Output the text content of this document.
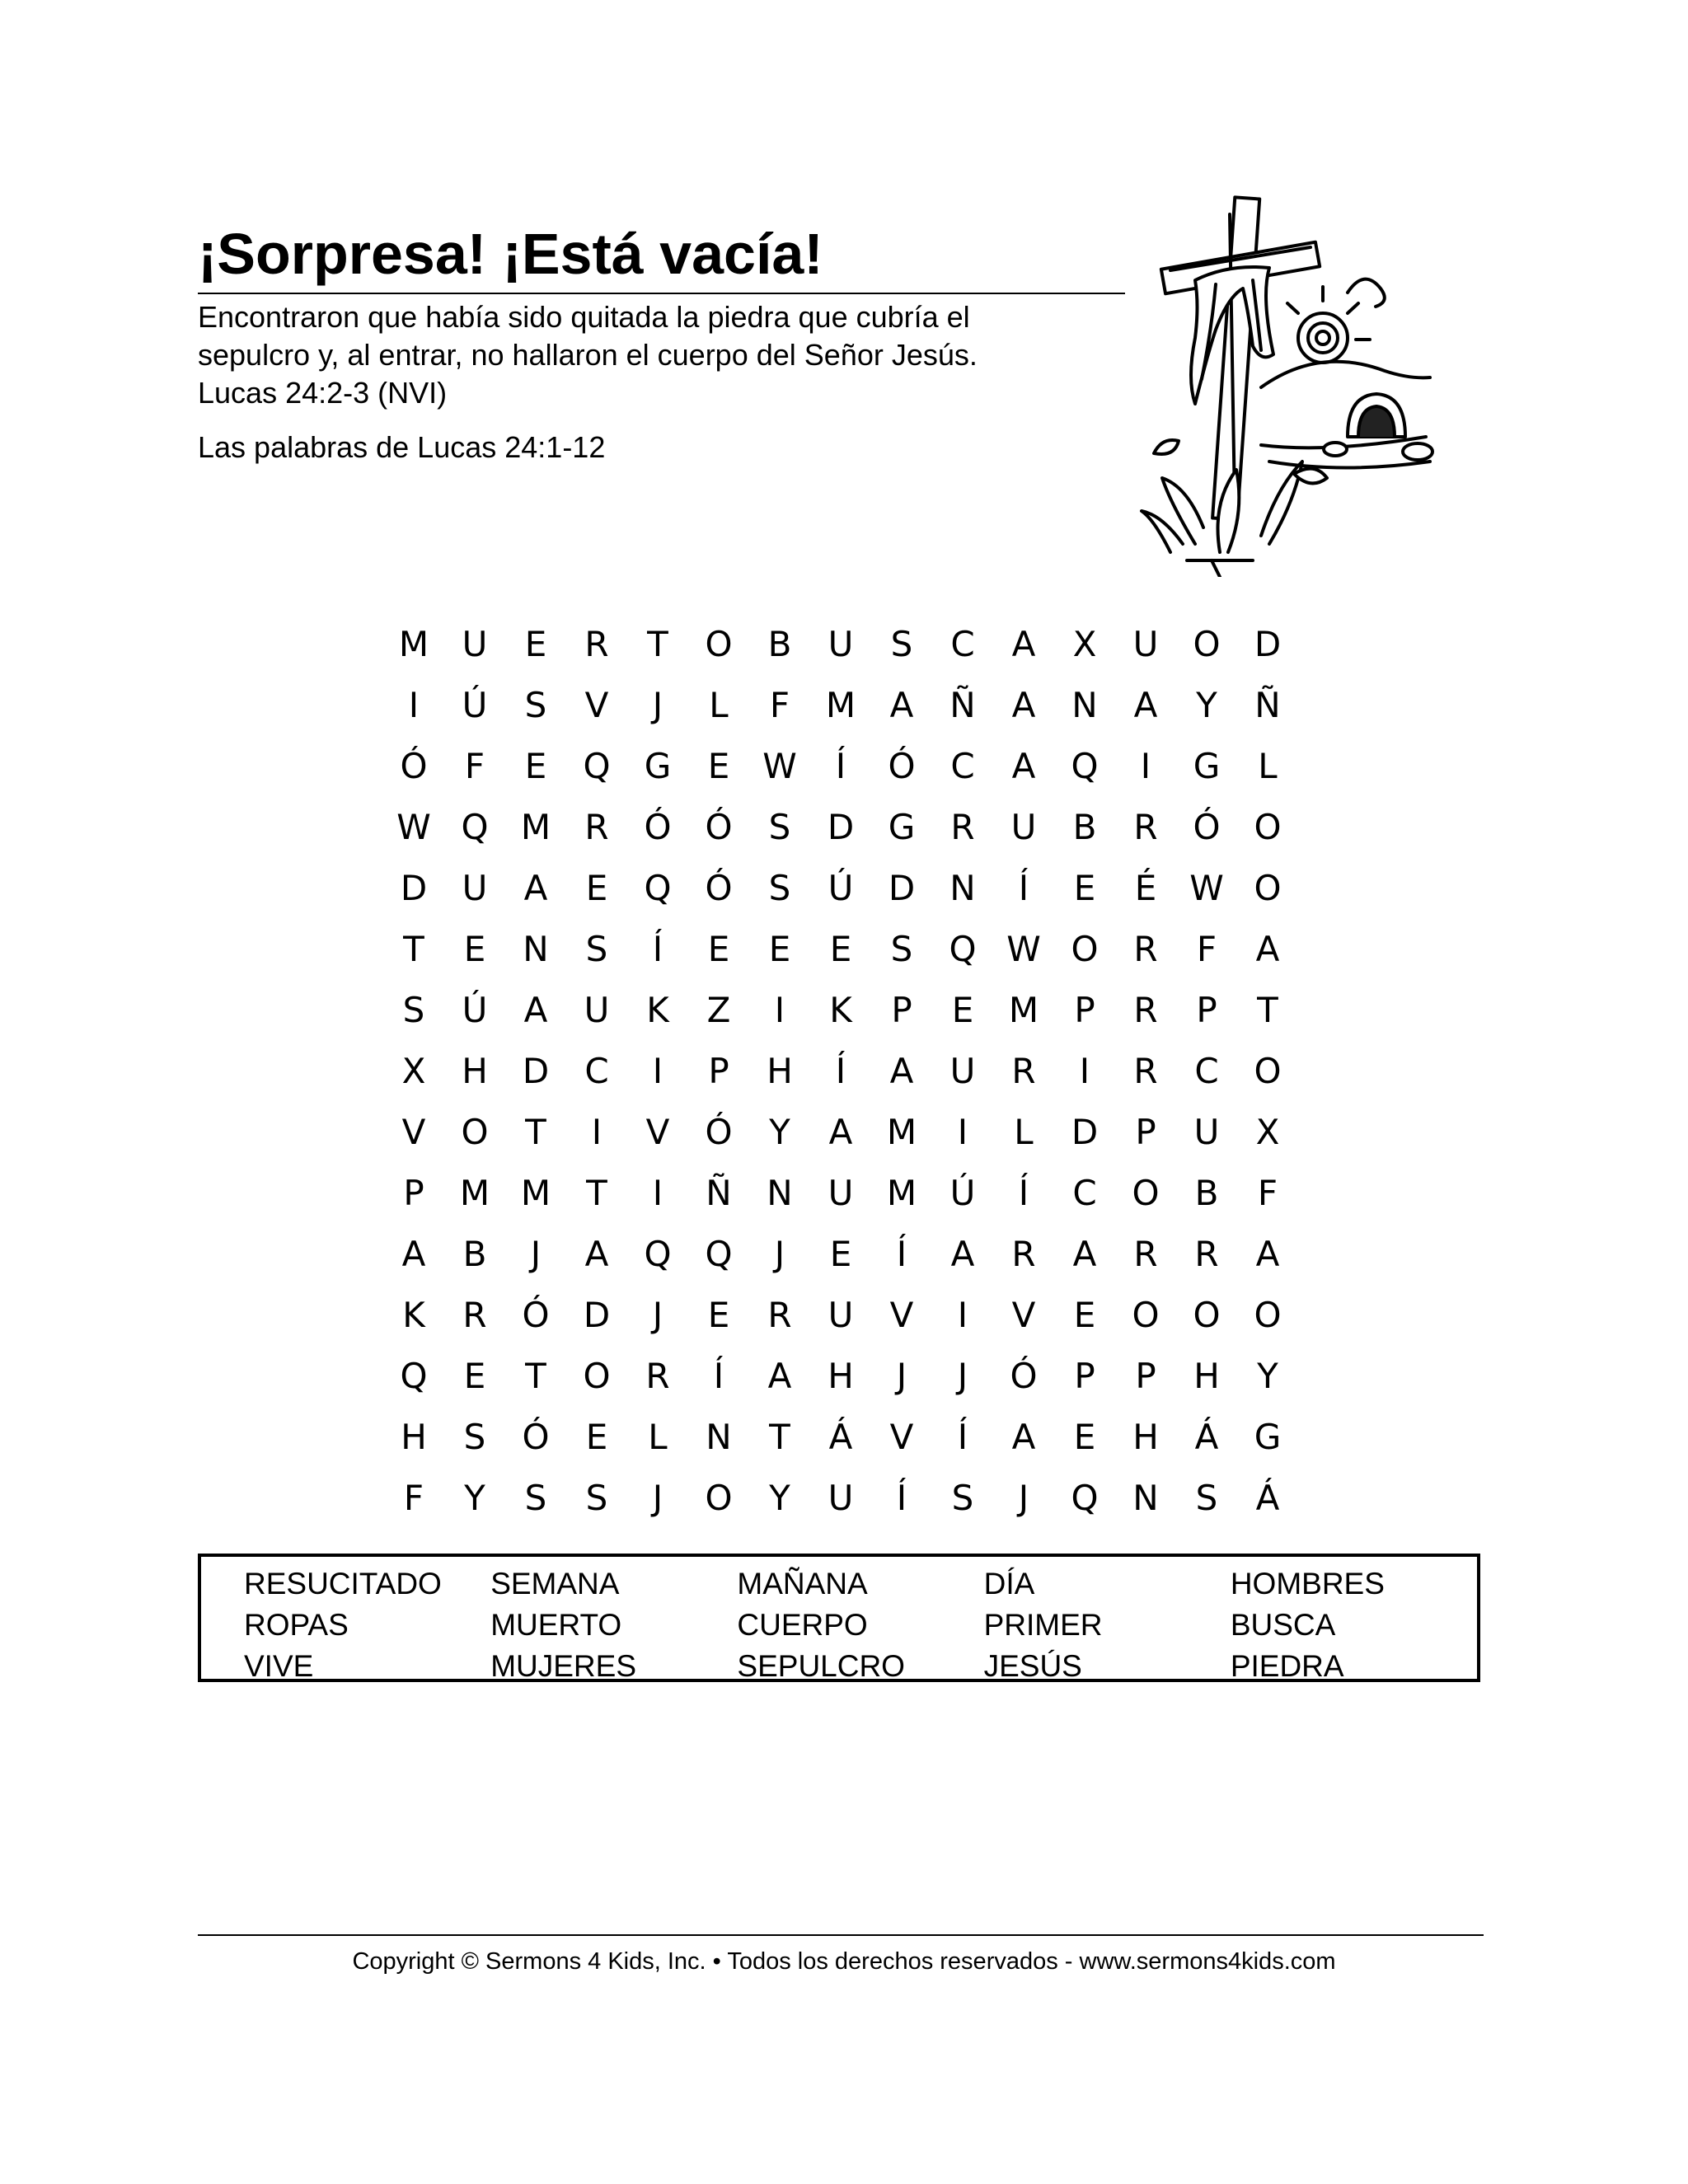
¡Sorpresa! ¡Está vacía!
Encontraron que había sido quitada la piedra que cubría el
sepulcro y, al entrar, no hallaron el cuerpo del Señor Jesús.
Lucas 24:2-3 (NVI)
Las palabras de Lucas 24:1-12
M U	E	R	T	O	B	U	S	C	A	X	U	O D
I	Ú	S	V	J	L	F	M A	Ñ	A	N	A	Y	Ñ
Ó	F	E	Q G	E W	Í	Ó	C	A	Q	I	G	L
W Q M R	Ó Ó	S	D G	R	U	B	R	Ó O
D	U	A	E	Q Ó	S	Ú	D	N	Í	E	É W O
T	E	N	S	Í	E	E	E	S	Q W O	R	F	A
S	Ú	A	U	K	Z	I	K	P	E	M	P	R	P	T
X	H	D	C	I	P	H	Í	A	U	R	I	R	C	O
V	O	T	I	V	Ó	Y	A M	I	L	D	P	U	X
P	M M	T	I	Ñ	N	U M Ú	Í	C	O	B	F
A	B	J	A	Q Q	J	E	Í	A	R	A	R	R	A
K	R	Ó D	J	E	R	U	V	I	V	E	O O O
Q	E	T	O	R	Í	A	H	J	J	Ó	P	P	H	Y
H	S	Ó	E	L	N	T	Á	V	Í	A	E	H	Á	G
F	Y	S	S	J	O	Y	U	Í	S	J	Q N	S	Á
RESUCITADO	SEMANA	MAÑANA	DÍA	HOMBRES
ROPAS	MUERTO	CUERPO	PRIMER	BUSCA
VIVE	MUJERES	SEPULCRO	JESÚS	PIEDRA
Copyright © Sermons 4 Kids, Inc. • Todos los derechos reservados - www.sermons4kids.com
